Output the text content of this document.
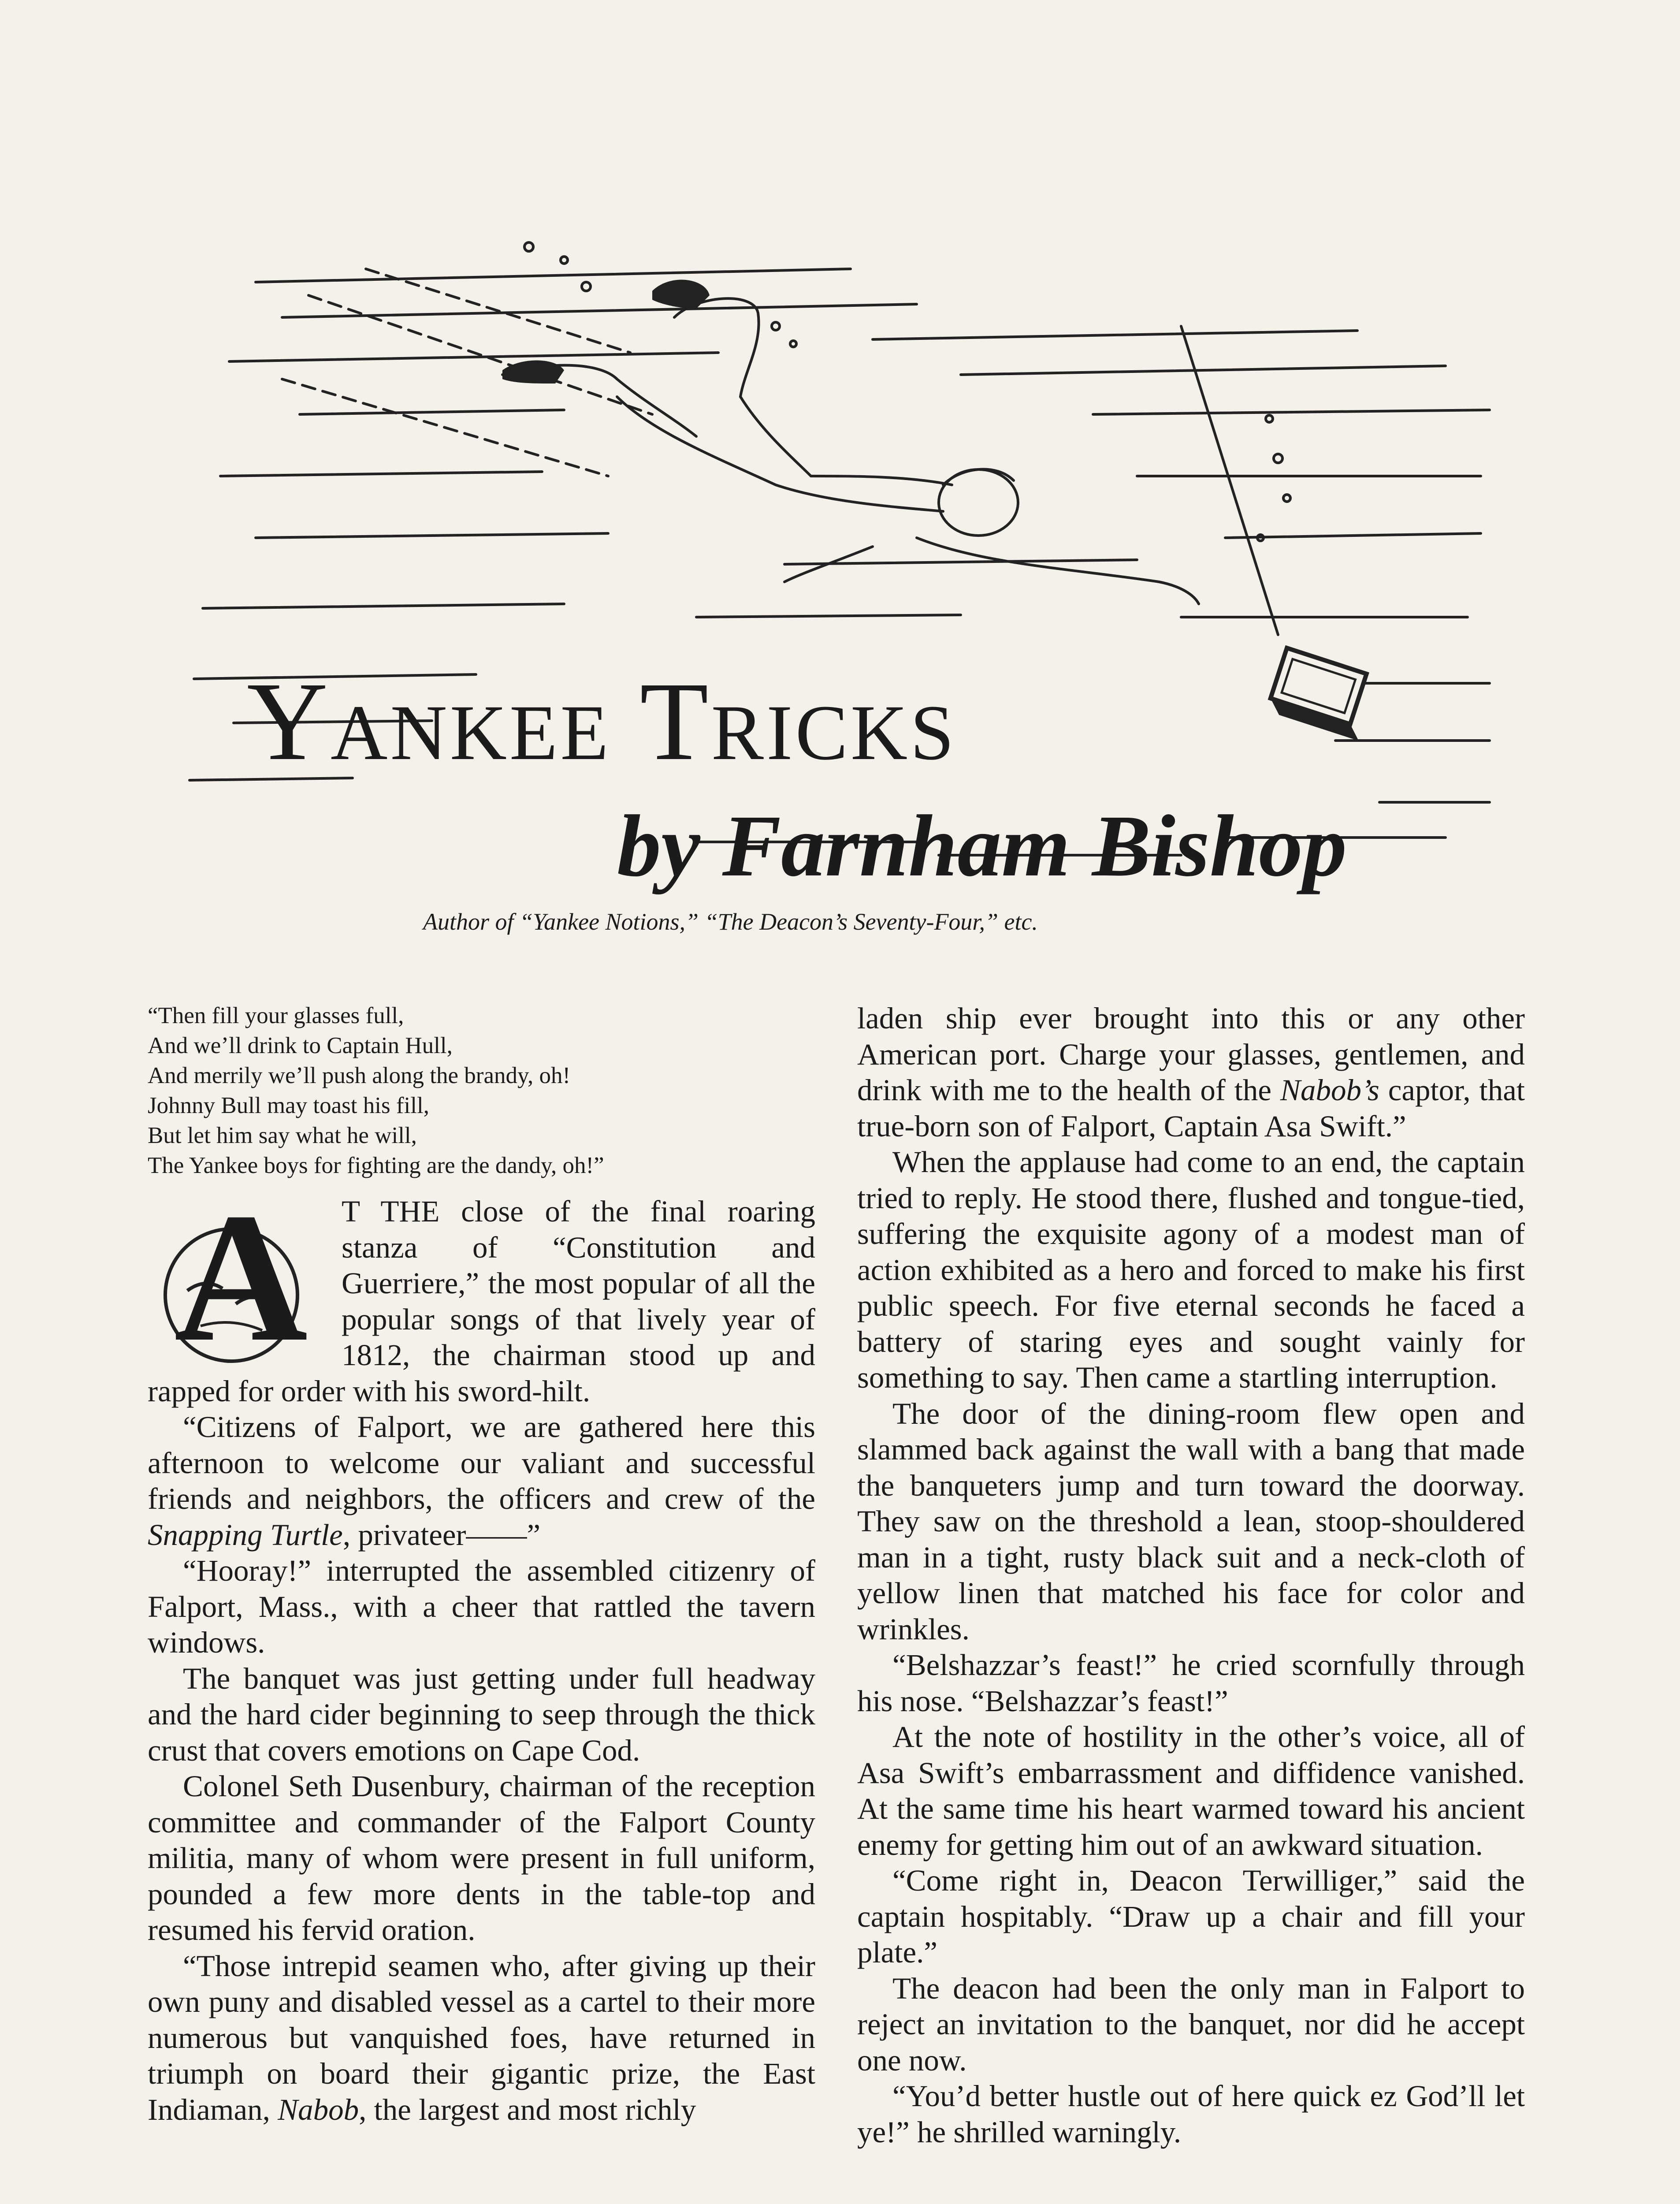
Yankee Tricks
by Farnham Bishop
Author of “Yankee Notions,” “The Deacon’s Seventy-Four,” etc.
“Then fill your glasses full,
And we’ll drink to Captain Hull,
And merrily we’ll push along the brandy, oh!
Johnny Bull may toast his fill,
But let him say what he will,
The Yankee boys for fighting are the dandy, oh!”
A	T THE close of the final roaring stanza of “Constitution and Guerriere,” the most popular of all the popular songs of that lively year of 1812, the chairman stood up and rapped for order with his sword-hilt.

“Citizens of Falport, we are gathered here this afternoon to welcome our valiant and successful friends and neighbors, the officers and crew of the Snapping Turtle, privateer——”

“Hooray!” interrupted the assembled citizenry of Falport, Mass., with a cheer that rattled the tavern windows.

The banquet was just getting under full headway and the hard cider beginning to seep through the thick crust that covers emotions on Cape Cod.

Colonel Seth Dusenbury, chairman of the reception committee and commander of the Falport County militia, many of whom were present in full uniform, pounded a few more dents in the table-top and resumed his fervid oration.

“Those intrepid seamen who, after giving up their own puny and disabled vessel as a cartel to their more numerous but vanquished foes, have returned in triumph on board their gigantic prize, the East Indiaman, Nabob, the largest and most richly

laden ship ever brought into this or any other American port. Charge your glasses, gentlemen, and drink with me to the health of the Nabob’s captor, that true-born son of Falport, Captain Asa Swift.”

When the applause had come to an end, the captain tried to reply. He stood there, flushed and tongue-tied, suffering the exquisite agony of a modest man of action exhibited as a hero and forced to make his first public speech. For five eternal seconds he faced a battery of staring eyes and sought vainly for something to say. Then came a startling interruption.

The door of the dining-room flew open and slammed back against the wall with a bang that made the banqueters jump and turn toward the doorway. They saw on the threshold a lean, stoop-shouldered man in a tight, rusty black suit and a neck-cloth of yellow linen that matched his face for color and wrinkles.

“Belshazzar’s feast!” he cried scornfully through his nose. “Belshazzar’s feast!”

At the note of hostility in the other’s voice, all of Asa Swift’s embarrassment and diffidence vanished. At the same time his heart warmed toward his ancient enemy for getting him out of an awkward situation.

“Come right in, Deacon Terwilliger,” said the captain hospitably. “Draw up a chair and fill your plate.”

The deacon had been the only man in Falport to reject an invitation to the banquet, nor did he accept one now.

“You’d better hustle out of here quick ez God’ll let ye!” he shrilled warningly.
